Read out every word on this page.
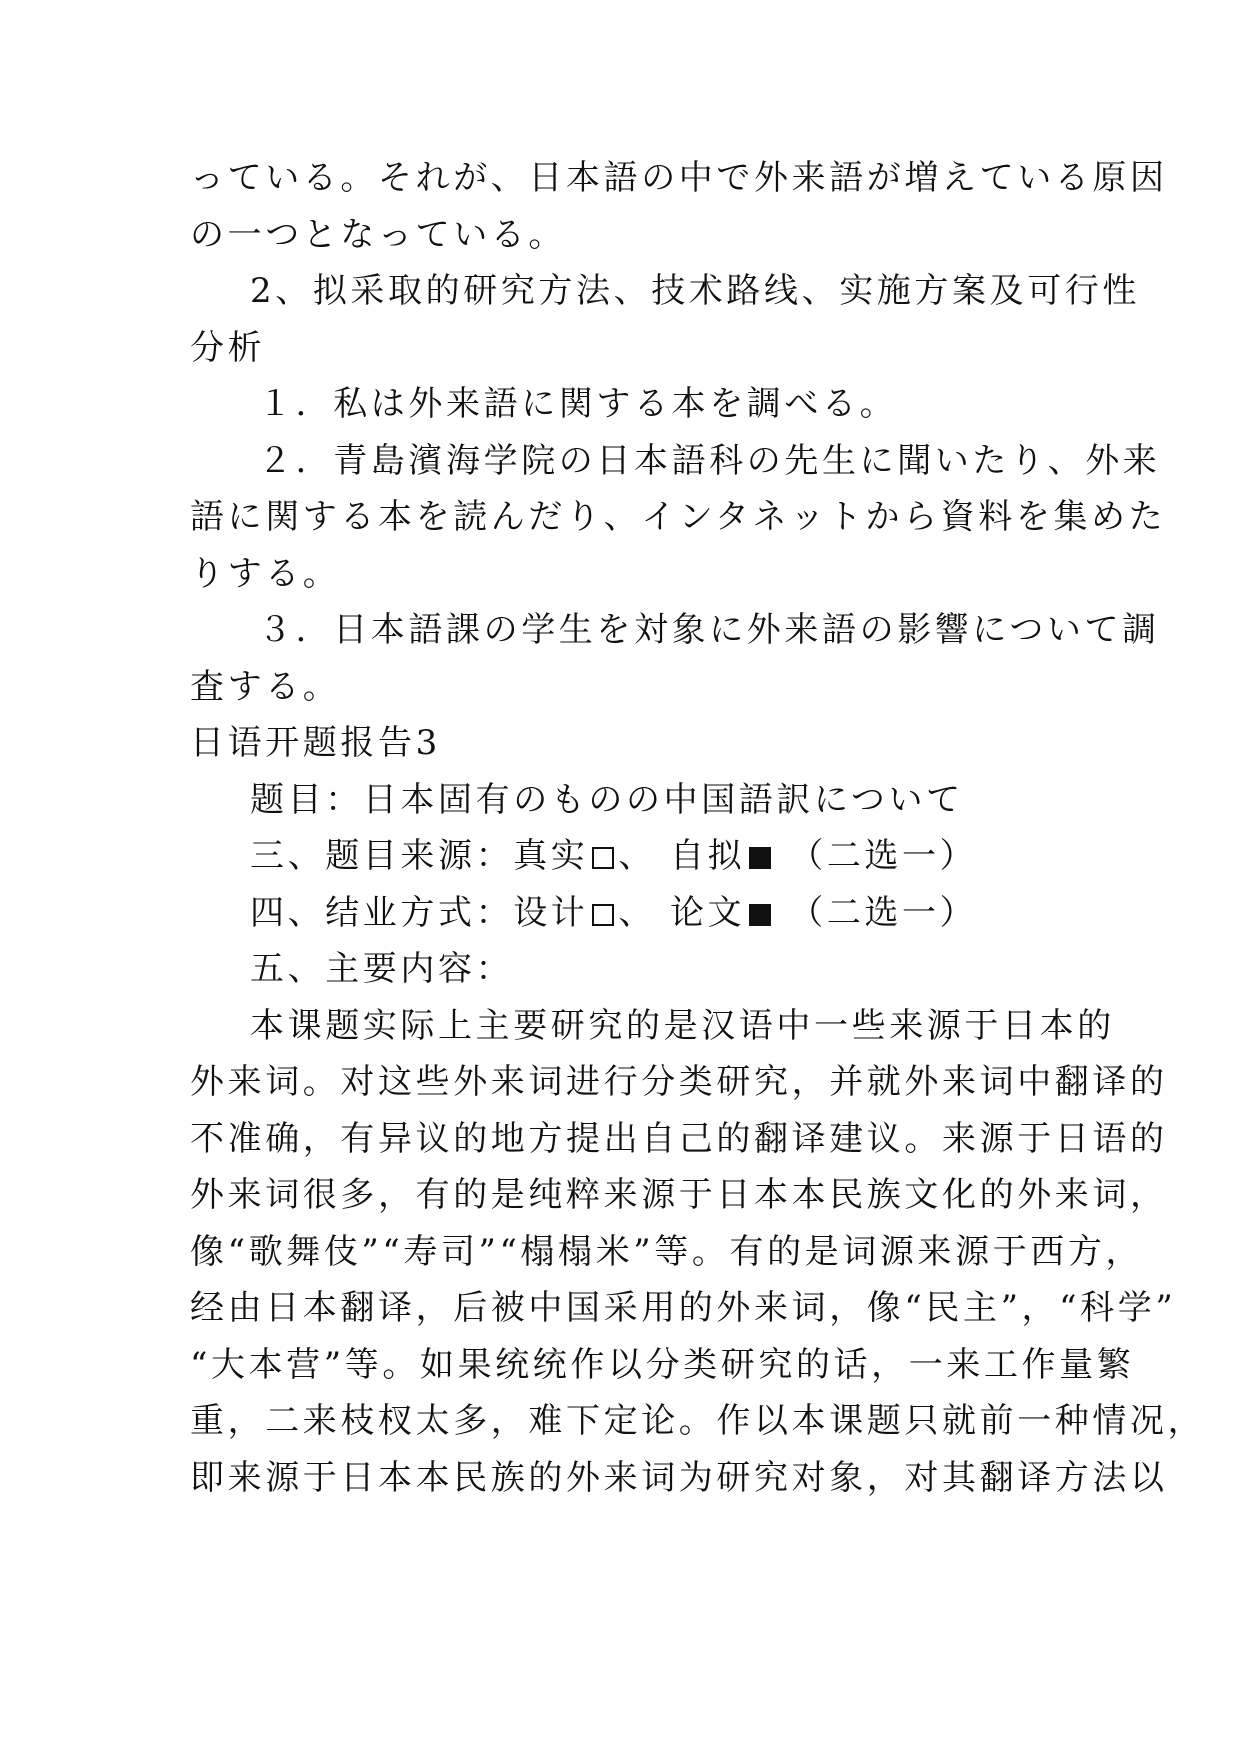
っている。それが、日本語の中で外来語が増えている原因
の一つとなっている。
2、拟采取的研究方法、技术路线、实施方案及可行性
分析
１．私は外来語に関する本を調べる。
２．青島濱海学院の日本語科の先生に聞いたり、外来
語に関する本を読んだり、インタネットから資料を集めた
りする。
３．日本語課の学生を対象に外来語の影響について調
査する。
日语开题报告3
题目：日本固有のものの中国語訳について
三、题目来源：真实 、 自拟 （二选一）
四、结业方式：设计 、 论文 （二选一）
五、主要内容：
本课题实际上主要研究的是汉语中一些来源于日本的
外来词。对这些外来词进行分类研究，并就外来词中翻译的
不准确，有异议的地方提出自己的翻译建议。来源于日语的
外来词很多，有的是纯粹来源于日本本民族文化的外来词，
像“歌舞伎”“寿司”“榻榻米”等。有的是词源来源于西方，
经由日本翻译，后被中国采用的外来词，像“民主”，“科学”
“大本营”等。如果统统作以分类研究的话，一来工作量繁
重，二来枝杈太多，难下定论。作以本课题只就前一种情况，
即来源于日本本民族的外来词为研究对象，对其翻译方法以
